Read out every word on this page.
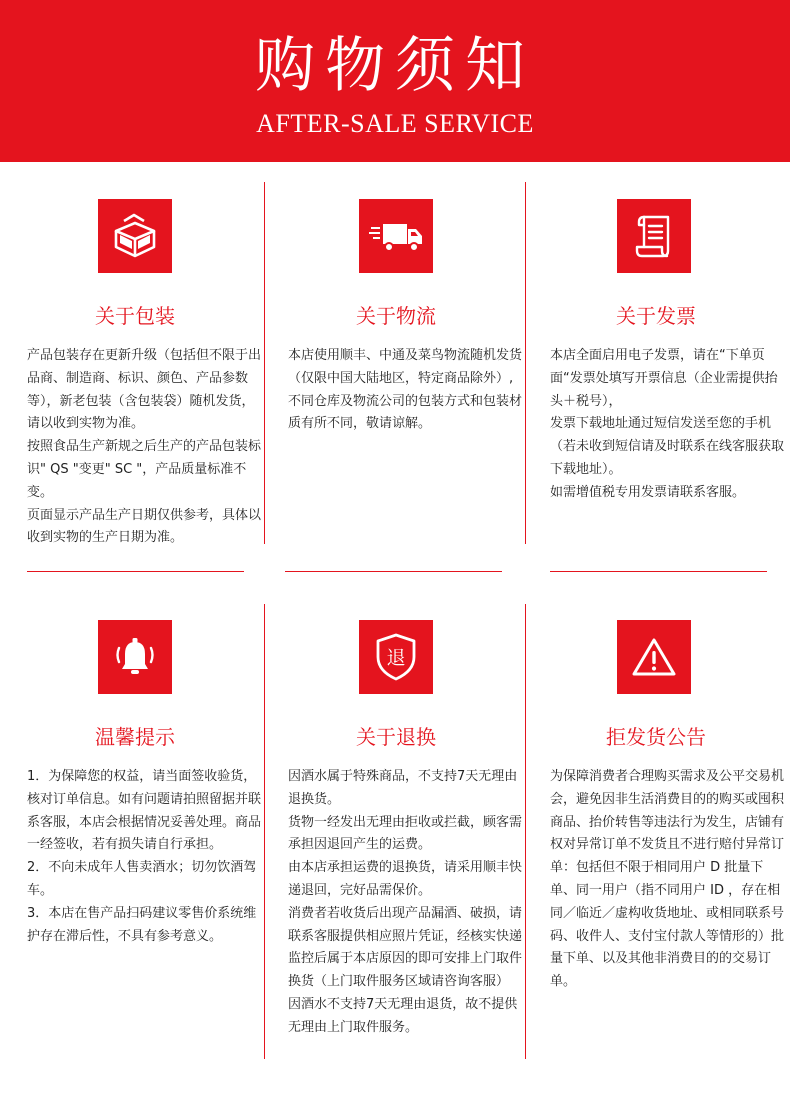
购物须知
AFTER-SALE SERVICE
关于包装

产品包装存在更新升级（包括但不限于出品商、制造商、标识、颜色、产品参数等），新老包装（含包装袋）随机发货，请以收到实物为准。

按照食品生产新规之后生产的产品包装标识" QS "变更" SC "，产品质量标准不变。

页面显示产品生产日期仅供参考，具体以收到实物的生产日期为准。

关于物流

本店使用顺丰、中通及菜鸟物流随机发货（仅限中国大陆地区，特定商品除外）,不同仓库及物流公司的包装方式和包装材质有所不同，敬请谅解。

关于发票

本店全面启用电子发票，请在“下单页面“发票处填写开票信息（企业需提供抬头＋税号），

发票下载地址通过短信发送至您的手机（若未收到短信请及时联系在线客服获取下载地址）。

如需增值税专用发票请联系客服。

温馨提示

1．为保障您的权益，请当面签收验货，核对订单信息。如有问题请拍照留据并联系客服，本店会根据情况妥善处理。商品一经签收，若有损失请自行承担。

2．不向未成年人售卖酒水；切勿饮酒驾车。

3．本店在售产品扫码建议零售价系统维护存在滞后性，不具有参考意义。

退
关于退换

因酒水属于特殊商品，不支持7天无理由退换货。

货物一经发出无理由拒收或拦截，顾客需承担因退回产生的运费。

由本店承担运费的退换货，请采用顺丰快递退回，完好品需保价。

消费者若收货后出现产品漏酒、破损，请联系客服提供相应照片凭证，经核实快递监控后属于本店原因的即可安排上门取件换货（上门取件服务区域请咨询客服）

因酒水不支持7天无理由退货，故不提供无理由上门取件服务。

拒发货公告

为保障消费者合理购买需求及公平交易机会，避免因非生活消费目的的购买或囤积商品、抬价转售等违法行为发生，店铺有权对异常订单不发货且不进行赔付异常订单：包括但不限于相同用户 D 批量下单、同一用户（指不同用户 ID ，存在相同／临近／虚构收货地址、或相同联系号码、收件人、支付宝付款人等情形的）批量下单、以及其他非消费目的的交易订单。
